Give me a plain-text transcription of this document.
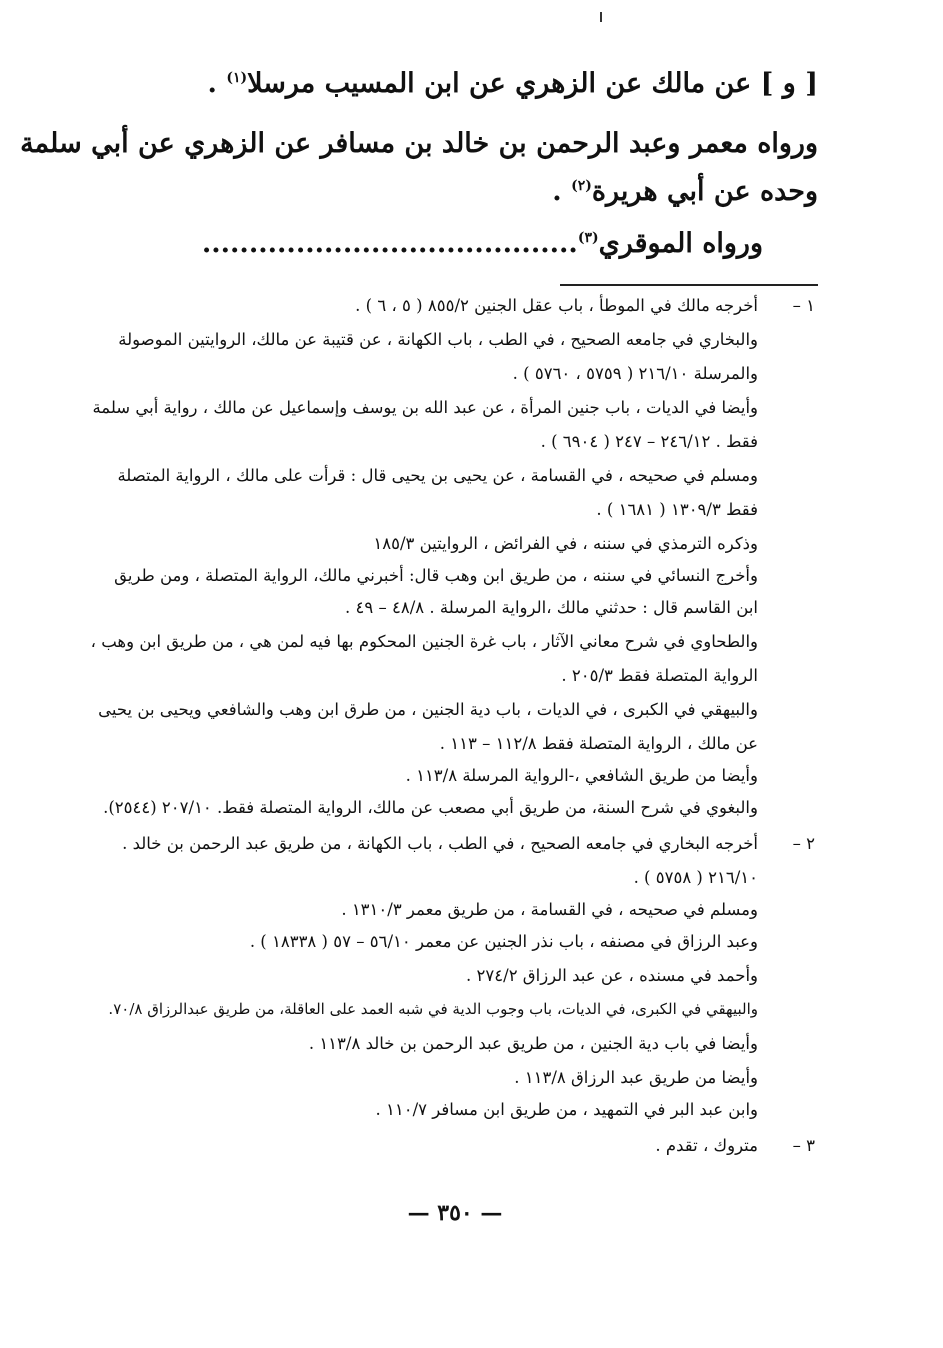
[ و ] عن مالك عن الزهري عن ابن المسيب مرسلا$^{(١)}$ .
ورواه معمر وعبد الرحمن بن خالد بن مسافر عن الزهري عن أبي سلمة
وحده عن أبي هريرة$^{(٢)}$ .
ورواه الموقري$^{(٣)}$........................................
١ –
أخرجه مالك في الموطأ ، باب عقل الجنين ٨٥٥/٢ ( ٥ ، ٦ ) .
والبخاري في جامعه الصحيح ، في الطب ، باب الكهانة ، عن قتيبة عن مالك، الروايتين الموصولة
والمرسلة ٢١٦/١٠ ( ٥٧٥٩ ، ٥٧٦٠ ) .
وأيضا في الديات ، باب جنين المرأة ، عن عبد الله بن يوسف وإسماعيل عن مالك ، رواية أبي سلمة
فقط . ٢٤٦/١٢ – ٢٤٧ ( ٦٩٠٤ ) .
ومسلم في صحيحه ، في القسامة ، عن يحيى بن يحيى قال : قرأت على مالك ، الرواية المتصلة
فقط ١٣٠٩/٣ ( ١٦٨١ ) .
وذكره الترمذي في سننه ، في الفرائض ، الروايتين ١٨٥/٣
وأخرج النسائي في سننه ، من طريق ابن وهب قال: أخبرني مالك، الرواية المتصلة ، ومن طريق
ابن القاسم قال : حدثني مالك ،الرواية المرسلة . ٤٨/٨ – ٤٩ .
والطحاوي في شرح معاني الآثار ، باب غرة الجنين المحكوم بها فيه لمن هي ، من طريق ابن وهب ،
الرواية المتصلة فقط ٢٠٥/٣ .
والبيهقي في الكبرى ، في الديات ، باب دية الجنين ، من طرق ابن وهب والشافعي ويحيى بن يحيى
عن مالك ، الرواية المتصلة فقط ١١٢/٨ – ١١٣ .
وأيضا من طريق الشافعي ،-الرواية المرسلة ١١٣/٨ .
والبغوي في شرح السنة، من طريق أبي مصعب عن مالك، الرواية المتصلة فقط. ٢٠٧/١٠ (٢٥٤٤).
٢ –
أخرجه البخاري في جامعه الصحيح ، في الطب ، باب الكهانة ، من طريق عبد الرحمن بن خالد .
٢١٦/١٠ ( ٥٧٥٨ ) .
ومسلم في صحيحه ، في القسامة ، من طريق معمر ١٣١٠/٣ .
وعبد الرزاق في مصنفه ، باب نذر الجنين عن معمر ٥٦/١٠ – ٥٧ ( ١٨٣٣٨ ) .
وأحمد في مسنده ، عن عبد الرزاق ٢٧٤/٢ .
والبيهقي في الكبرى، في الديات، باب وجوب الدية في شبه العمد على العاقلة، من طريق عبدالرزاق ٧٠/٨.
وأيضا في باب دية الجنين ، من طريق عبد الرحمن بن خالد ١١٣/٨ .
وأيضا من طريق عبد الرزاق ١١٣/٨ .
وابن عبد البر في التمهيد ، من طريق ابن مسافر ١١٠/٧ .
٣ –
متروك ، تقدم .
— ٣٥٠ —
